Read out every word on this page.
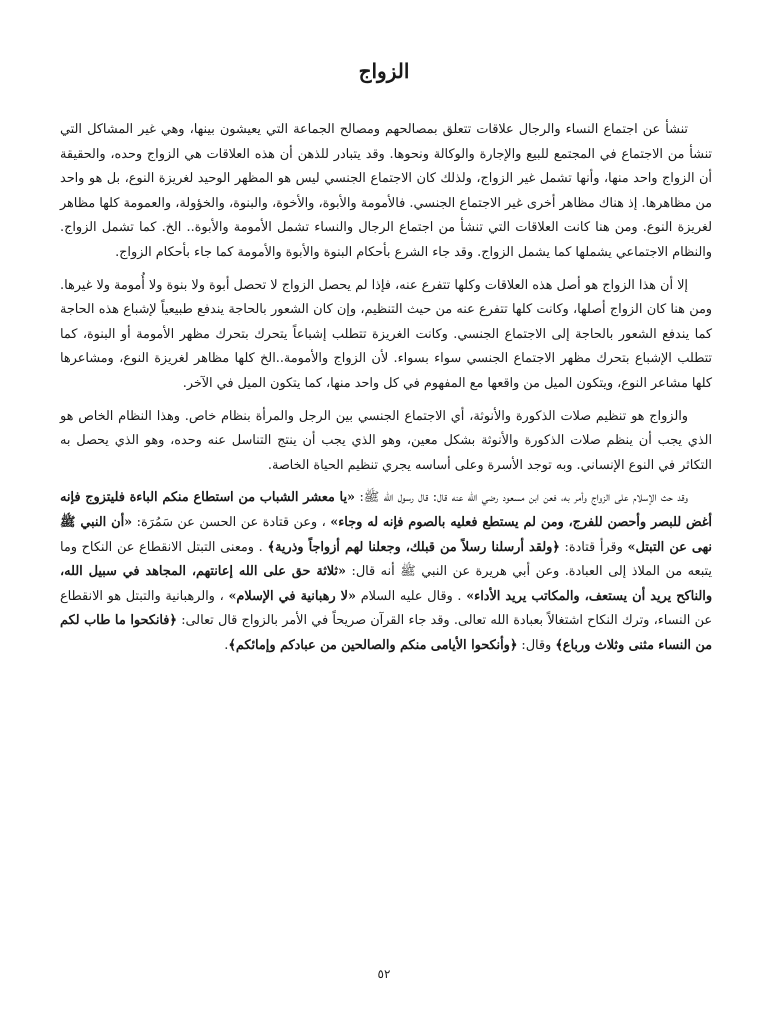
الزواج

تنشأ عن اجتماع النساء والرجال علاقات تتعلق بمصالحهم ومصالح الجماعة التي يعيشون بينها، وهي غير المشاكل التي تنشأ من الاجتماع في المجتمع للبيع والإجارة والوكالة ونحوها. وقد يتبادر للذهن أن هذه العلاقات هي الزواج وحده، والحقيقة أن الزواج واحد منها، وأنها تشمل غير الزواج، ولذلك كان الاجتماع الجنسي ليس هو المظهر الوحيد لغريزة النوع، بل هو واحد من مظاهرها. إذ هناك مظاهر أخرى غير الاجتماع الجنسي. فالأمومة والأبوة، والأخوة، والبنوة، والخؤولة، والعمومة كلها مظاهر لغريزة النوع. ومن هنا كانت العلاقات التي تنشأ من اجتماع الرجال والنساء تشمل الأمومة والأبوة.. الخ. كما تشمل الزواج. والنظام الاجتماعي يشملها كما يشمل الزواج. وقد جاء الشرع بأحكام البنوة والأبوة والأمومة كما جاء بأحكام الزواج.

إلا أن هذا الزواج هو أصل هذه العلاقات وكلها تتفرع عنه، فإذا لم يحصل الزواج لا تحصل أبوة ولا بنوة ولا أُمومة ولا غيرها. ومن هنا كان الزواج أصلها، وكانت كلها تتفرع عنه من حيث التنظيم، وإن كان الشعور بالحاجة يندفع طبيعياً لإشباع هذه الحاجة كما يندفع الشعور بالحاجة إلى الاجتماع الجنسي. وكانت الغريزة تتطلب إشباعاً يتحرك بتحرك مظهر الأمومة أو البنوة، كما تتطلب الإشباع بتحرك مظهر الاجتماع الجنسي سواء بسواء. لأن الزواج والأمومة..الخ كلها مظاهر لغريزة النوع، ومشاعرها كلها مشاعر النوع، ويتكون الميل من واقعها مع المفهوم في كل واحد منها، كما يتكون الميل في الآخر.

والزواج هو تنظيم صلات الذكورة والأنوثة، أي الاجتماع الجنسي بين الرجل والمرأة بنظام خاص. وهذا النظام الخاص هو الذي يجب أن ينظم صلات الذكورة والأنوثة بشكل معين، وهو الذي يجب أن ينتج التناسل عنه وحده، وهو الذي يحصل به التكاثر في النوع الإنساني. وبه توجد الأسرة وعلى أساسه يجري تنظيم الحياة الخاصة.

وقد حث الإسلام على الزواج وأمر به، فعن ابن مسعود رضي الله عنه قال: قال رسول الله ﷺ: «يا معشر الشباب من استطاع منكم الباءة فليتزوج فإنه أغض للبصر وأحصن للفرج، ومن لم يستطع فعليه بالصوم فإنه له وجاء» ، وعن قتادة عن الحسن عن سَمُرَة: «أن النبي ﷺ نهى عن التبتل» وقرأ قتادة: ﴿ولقد أرسلنا رسلاً من قبلك، وجعلنا لهم أزواجاً وذرية﴾ . ومعنى التبتل الانقطاع عن النكاح وما يتبعه من الملاذ إلى العبادة. وعن أبي هريرة عن النبي ﷺ أنه قال: «ثلاثة حق على الله إعانتهم، المجاهد في سبيل الله، والناكح يريد أن يستعف، والمكاتب يريد الأداء» . وقال عليه السلام «لا رهبانية في الإسلام» ، والرهبانية والتبتل هو الانقطاع عن النساء، وترك النكاح اشتغالاً بعبادة الله تعالى. وقد جاء القرآن صريحاً في الأمر بالزواج قال تعالى: ﴿فانكحوا ما طاب لكم من النساء مثنى وثلاث ورباع﴾ وقال: ﴿وأنكحوا الأيامى منكم والصالحين من عبادكم وإمائكم﴾.

٥٢
